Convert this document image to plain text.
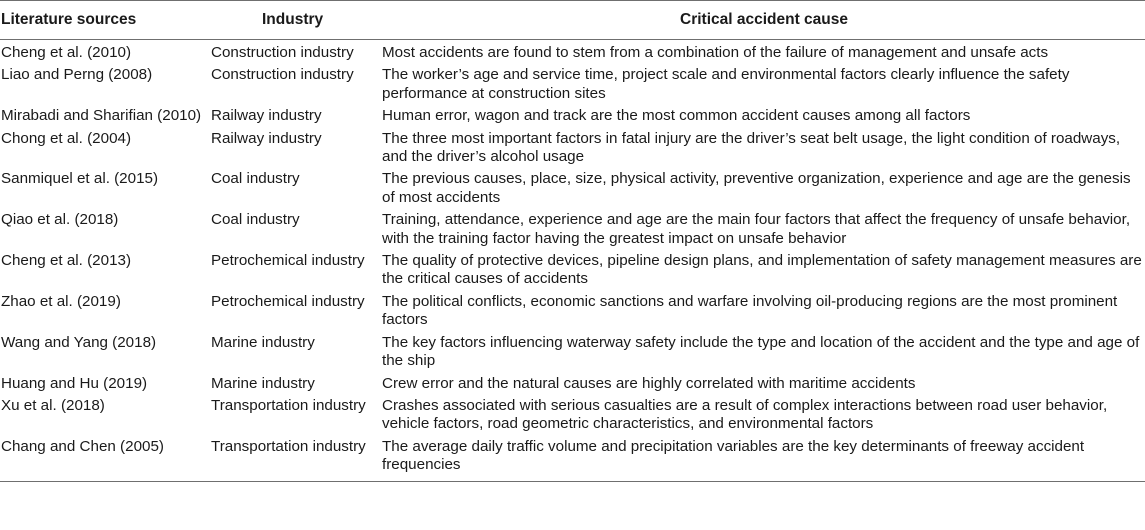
Literature sources	Industry	Critical accident cause
Cheng et al. (2010)	Construction industry	Most accidents are found to stem from a combination of the failure of management and unsafe acts
Liao and Perng (2008)	Construction industry	The worker’s age and service time, project scale and environmental factors clearly influence the safety performance at construction sites
Mirabadi and Sharifian (2010)	Railway industry	Human error, wagon and track are the most common accident causes among all factors
Chong et al. (2004)	Railway industry	The three most important factors in fatal injury are the driver’s seat belt usage, the light condition of roadways, and the driver’s alcohol usage
Sanmiquel et al. (2015)	Coal industry	The previous causes, place, size, physical activity, preventive organization, experience and age are the genesis of most accidents
Qiao et al. (2018)	Coal industry	Training, attendance, experience and age are the main four factors that affect the frequency of unsafe behavior, with the training factor having the greatest impact on unsafe behavior
Cheng et al. (2013)	Petrochemical industry	The quality of protective devices, pipeline design plans, and implementation of safety management measures are the critical causes of accidents
Zhao et al. (2019)	Petrochemical industry	The political conflicts, economic sanctions and warfare involving oil-producing regions are the most prominent factors
Wang and Yang (2018)	Marine industry	The key factors influencing waterway safety include the type and location of the accident and the type and age of the ship
Huang and Hu (2019)	Marine industry	Crew error and the natural causes are highly correlated with maritime accidents
Xu et al. (2018)	Transportation industry	Crashes associated with serious casualties are a result of complex interactions between road user behavior, vehicle factors, road geometric characteristics, and environmental factors
Chang and Chen (2005)	Transportation industry	The average daily traffic volume and precipitation variables are the key determinants of freeway accident frequencies
